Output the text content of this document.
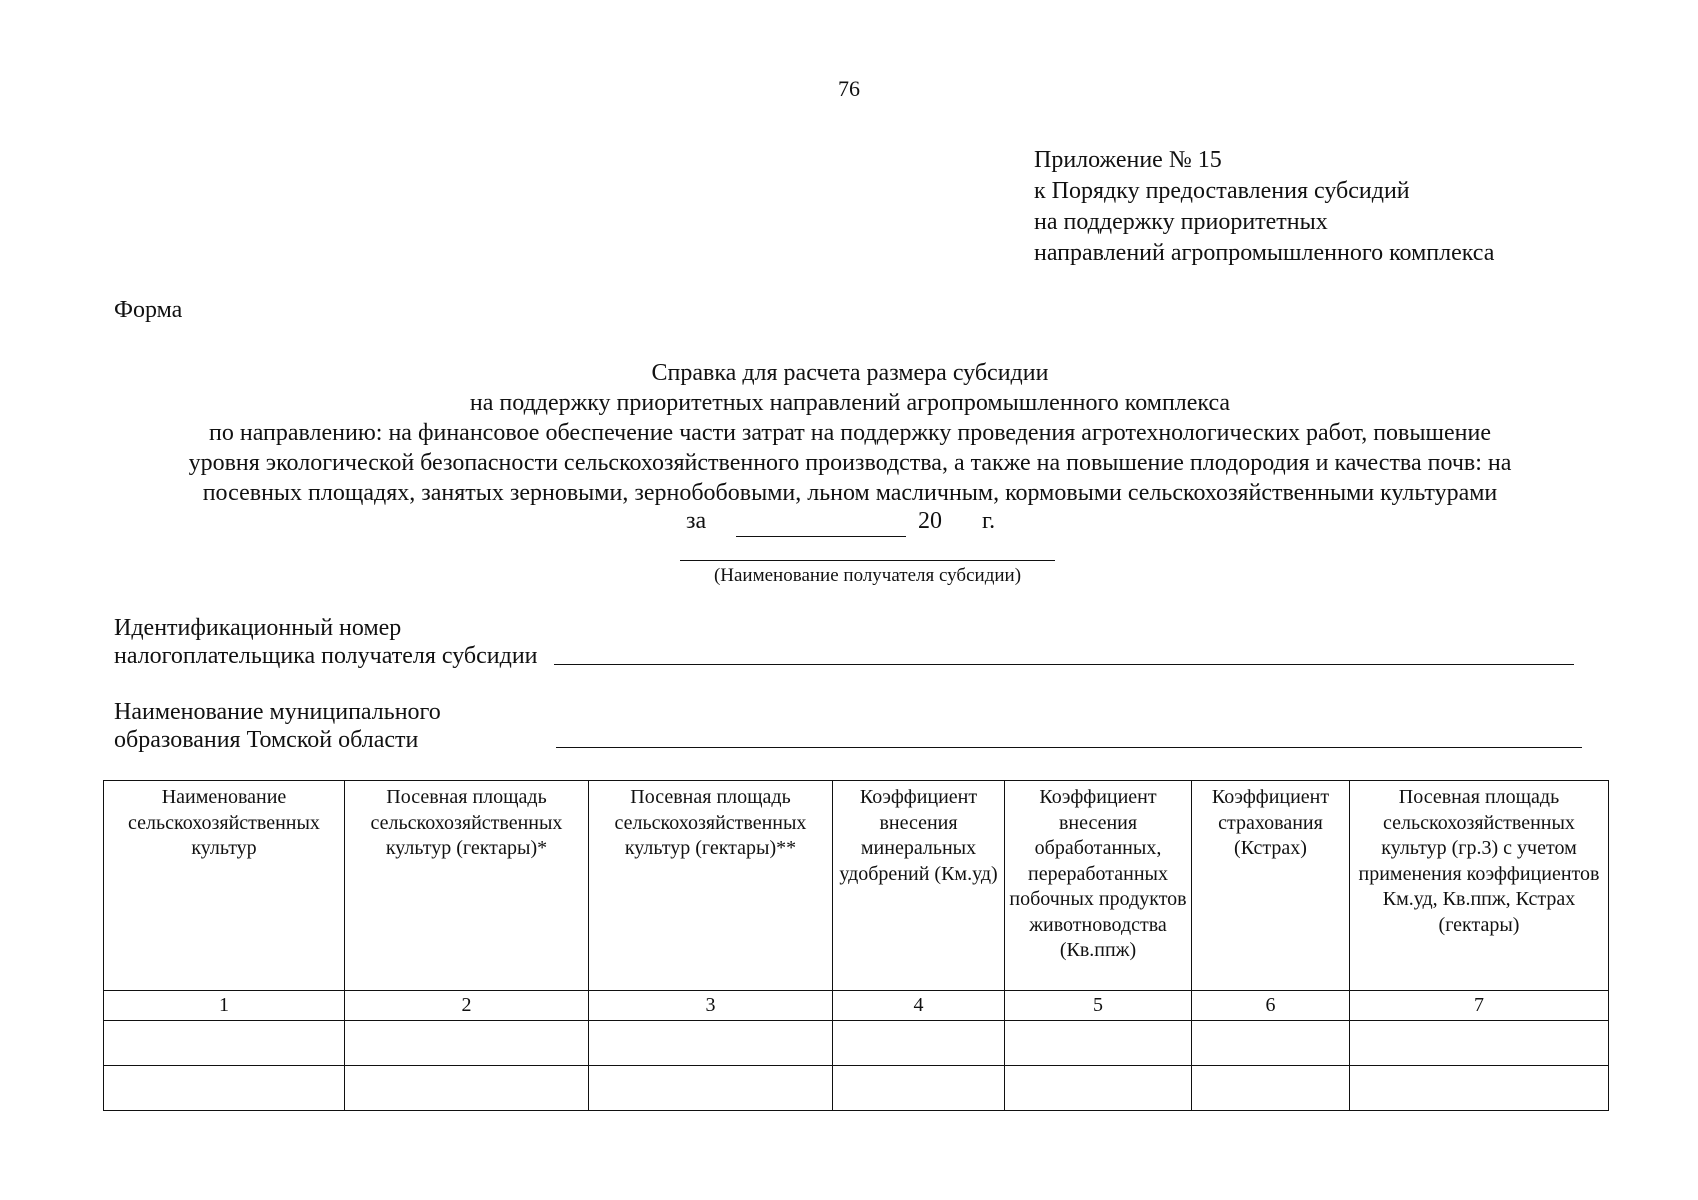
76
Приложение № 15
к Порядку предоставления субсидий
на поддержку приоритетных
направлений агропромышленного комплекса
Форма
Справка для расчета размера субсидии
на поддержку приоритетных направлений агропромышленного комплекса
по направлению: на финансовое обеспечение части затрат на поддержку проведения агротехнологических работ, повышение
уровня экологической безопасности сельскохозяйственного производства, а также на повышение плодородия и качества почв: на
посевных площадях, занятых зерновыми, зернобобовыми, льном масличным, кормовыми сельскохозяйственными культурами
за	20 г.
(Наименование получателя субсидии)
Идентификационный номер
налогоплательщика получателя субсидии
Наименование муниципального
образования Томской области
Наименование сельскохозяйственных культур	Посевная площадь сельскохозяйственных культур (гектары)*	Посевная площадь сельскохозяйственных культур (гектары)**	Коэффициент внесения минеральных удобрений (Км.уд)	Коэффициент внесения обработанных, переработанных побочных продуктов животноводства (Кв.ппж)	Коэффициент страхования (Кстрах)	Посевная площадь сельскохозяйственных культур (гр.3) с учетом применения коэффициентов Км.уд, Кв.ппж, Кстрах (гектары)
1	2	3	4	5	6	7
